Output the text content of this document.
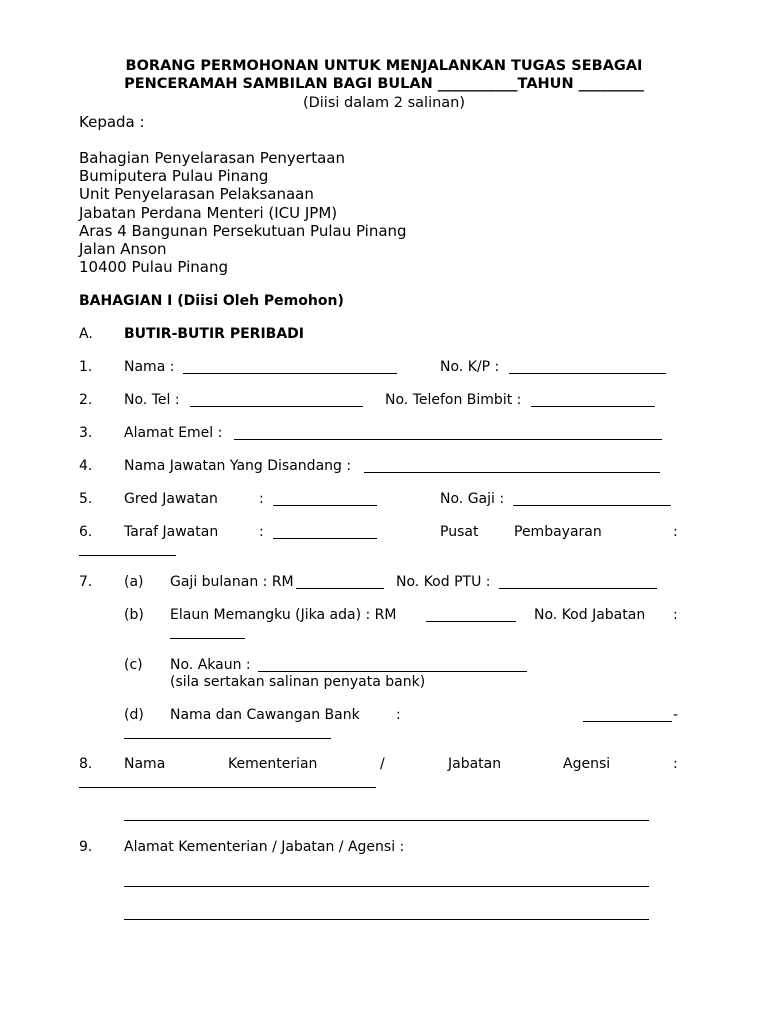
BORANG PERMOHONAN UNTUK MENJALANKAN TUGAS SEBAGAI
PENCERAMAH SAMBILAN BAGI BULAN ___________TAHUN _________
(Diisi dalam 2 salinan)
Kepada :
Bahagian Penyelarasan Penyertaan
Bumiputera Pulau Pinang
Unit Penyelarasan Pelaksanaan
Jabatan Perdana Menteri (ICU JPM)
Aras 4 Bangunan Persekutuan Pulau Pinang
Jalan Anson
10400 Pulau Pinang
BAHAGIAN I (Diisi Oleh Pemohon)
A. BUTIR-BUTIR PERIBADI
1. Nama :	No. K/P :
2. No. Tel :	No. Telefon Bimbit :
3. Alamat Emel :
4. Nama Jawatan Yang Disandang :
5. Gred Jawatan	:	No. Gaji :
6. Taraf Jawatan	:	Pusat	Pembayaran	:
7. (a) Gaji bulanan : RM	No. Kod PTU :
(b) Elaun Memangku (Jika ada) : RM	No. Kod Jabatan :
(c) No. Akaun :
(sila sertakan salinan penyata bank)
(d) Nama dan Cawangan Bank	:	-
8. Nama	Kementerian	/	Jabatan	Agensi	:
9. Alamat Kementerian / Jabatan / Agensi :
